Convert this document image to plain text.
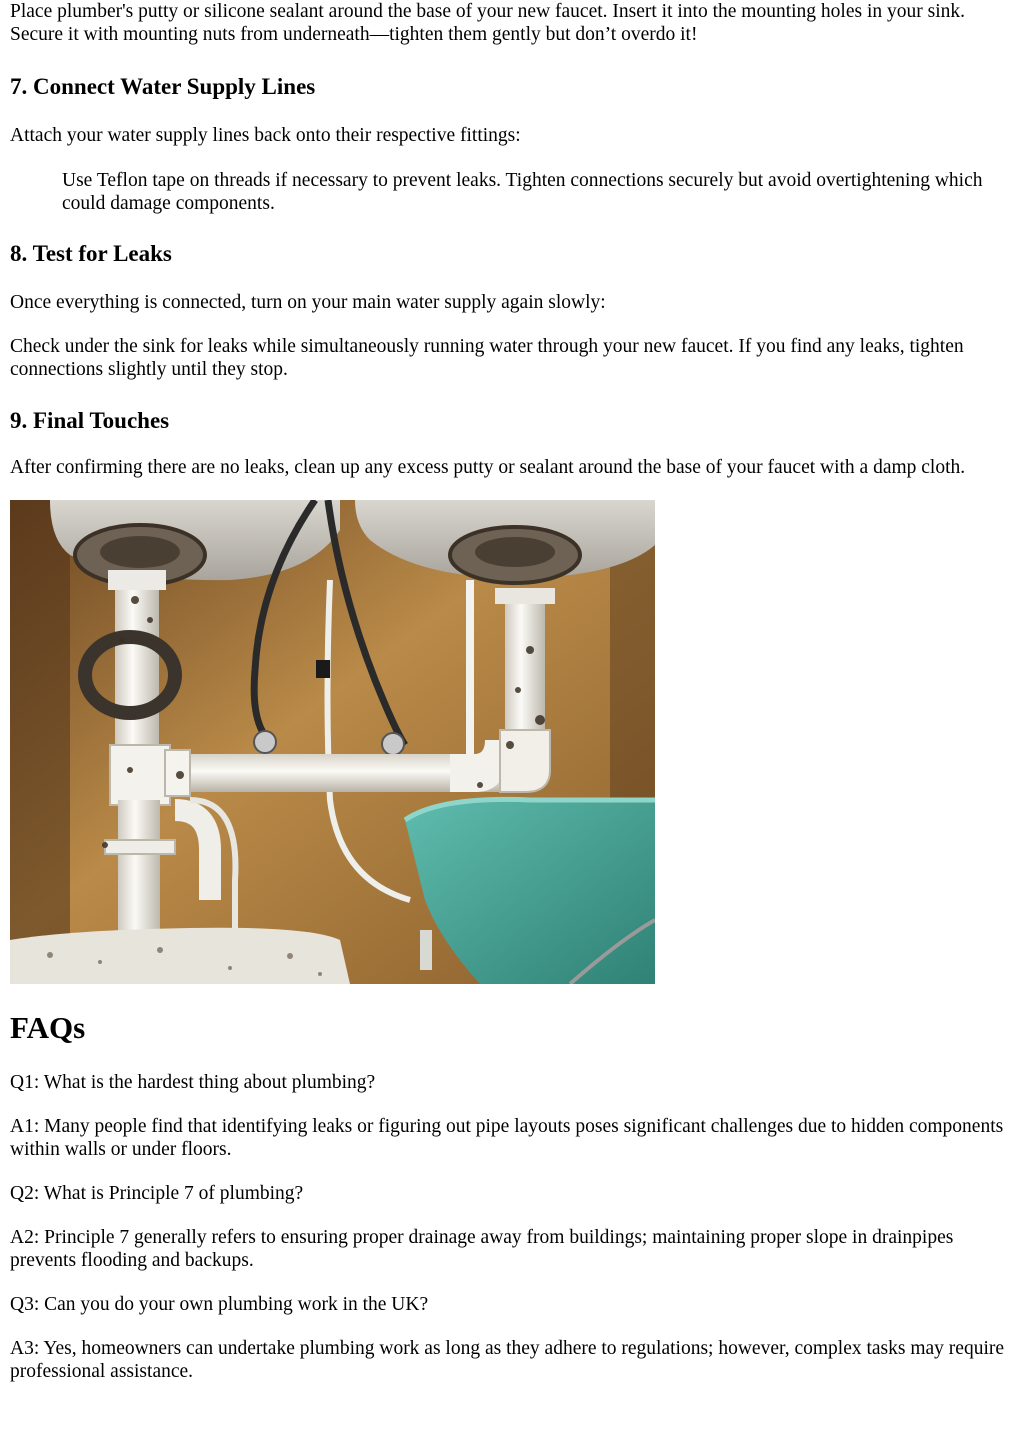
Place plumber's putty or silicone sealant around the base of your new faucet. Insert it into the mounting holes in your sink. Secure it with mounting nuts from underneath—tighten them gently but don’t overdo it!

7. Connect Water Supply Lines

Attach your water supply lines back onto their respective fittings:

Use Teflon tape on threads if necessary to prevent leaks. Tighten connections securely but avoid overtightening which could damage components.

8. Test for Leaks

Once everything is connected, turn on your main water supply again slowly:

Check under the sink for leaks while simultaneously running water through your new faucet. If you find any leaks, tighten connections slightly until they stop.

9. Final Touches

After confirming there are no leaks, clean up any excess putty or sealant around the base of your faucet with a damp cloth.

FAQs

Q1: What is the hardest thing about plumbing?

A1: Many people find that identifying leaks or figuring out pipe layouts poses significant challenges due to hidden components within walls or under floors.

Q2: What is Principle 7 of plumbing?

A2: Principle 7 generally refers to ensuring proper drainage away from buildings; maintaining proper slope in drainpipes prevents flooding and backups.

Q3: Can you do your own plumbing work in the UK?

A3: Yes, homeowners can undertake plumbing work as long as they adhere to regulations; however, complex tasks may require professional assistance.
